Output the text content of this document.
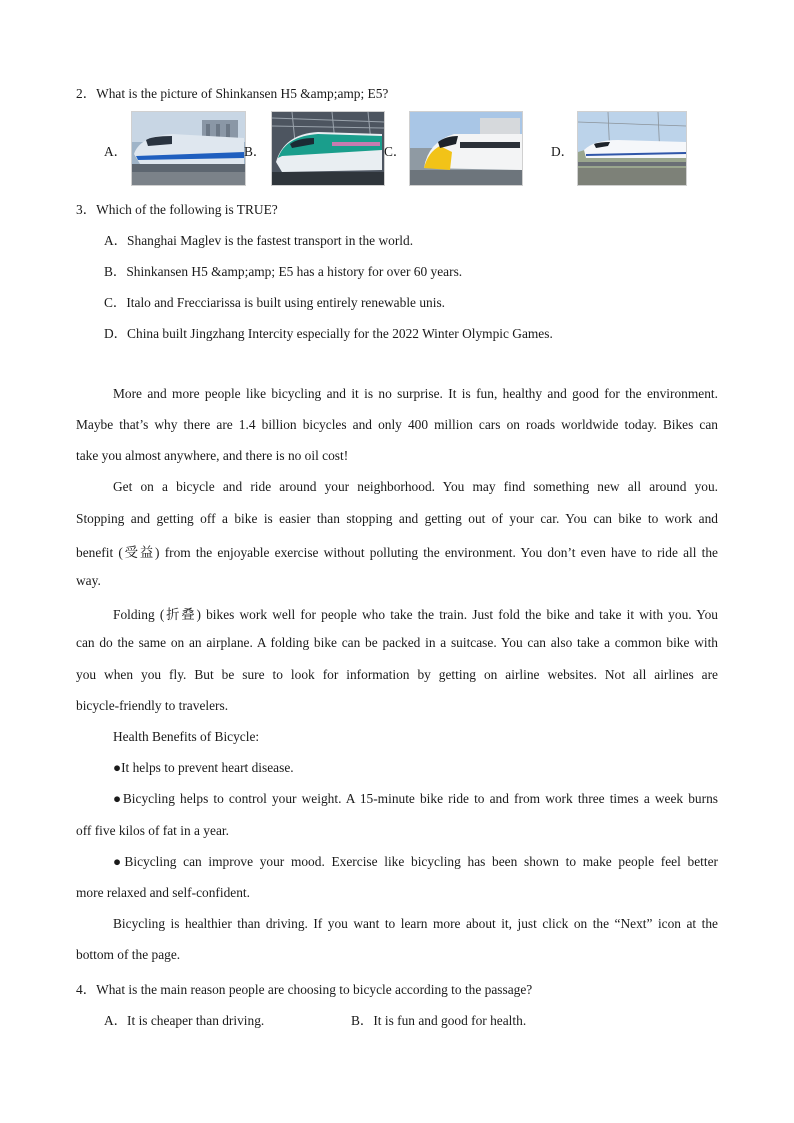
2．What is the picture of Shinkansen H5 &amp;amp; E5?
A．	B．	C．	D．
3．Which of the following is TRUE?
A．Shanghai Maglev is the fastest transport in the world.
B．Shinkansen H5 &amp;amp; E5 has a history for over 60 years.
C．Italo and Frecciarissa is built using entirely renewable unis.
D．China built Jingzhang Intercity especially for the 2022 Winter Olympic Games.
More and more people like bicycling and it is no surprise. It is fun, healthy and good for the environment.
Maybe that’s why there are 1.4 billion bicycles and only 400 million cars on roads worldwide today. Bikes can
take you almost anywhere, and there is no oil cost!
Get on a bicycle and ride around your neighborhood. You may find something new all around you.
Stopping and getting off a bike is easier than stopping and getting out of your car. You can bike to work and
benefit (受益) from the enjoyable exercise without polluting the environment. You don’t even have to ride all the
way.
Folding (折叠) bikes work well for people who take the train. Just fold the bike and take it with you. You
can do the same on an airplane. A folding bike can be packed in a suitcase. You can also take a common bike with
you when you fly. But be sure to look for information by getting on airline websites. Not all airlines are
bicycle-friendly to travelers.
Health Benefits of Bicycle:
●It helps to prevent heart disease.
●Bicycling helps to control your weight. A 15-minute bike ride to and from work three times a week burns
off five kilos of fat in a year.
●Bicycling can improve your mood. Exercise like bicycling has been shown to make people feel better
more relaxed and self-confident.
Bicycling is healthier than driving. If you want to learn more about it, just click on the “Next” icon at the
bottom of the page.
4．What is the main reason people are choosing to bicycle according to the passage?
A．It is cheaper than driving.	B．It is fun and good for health.
